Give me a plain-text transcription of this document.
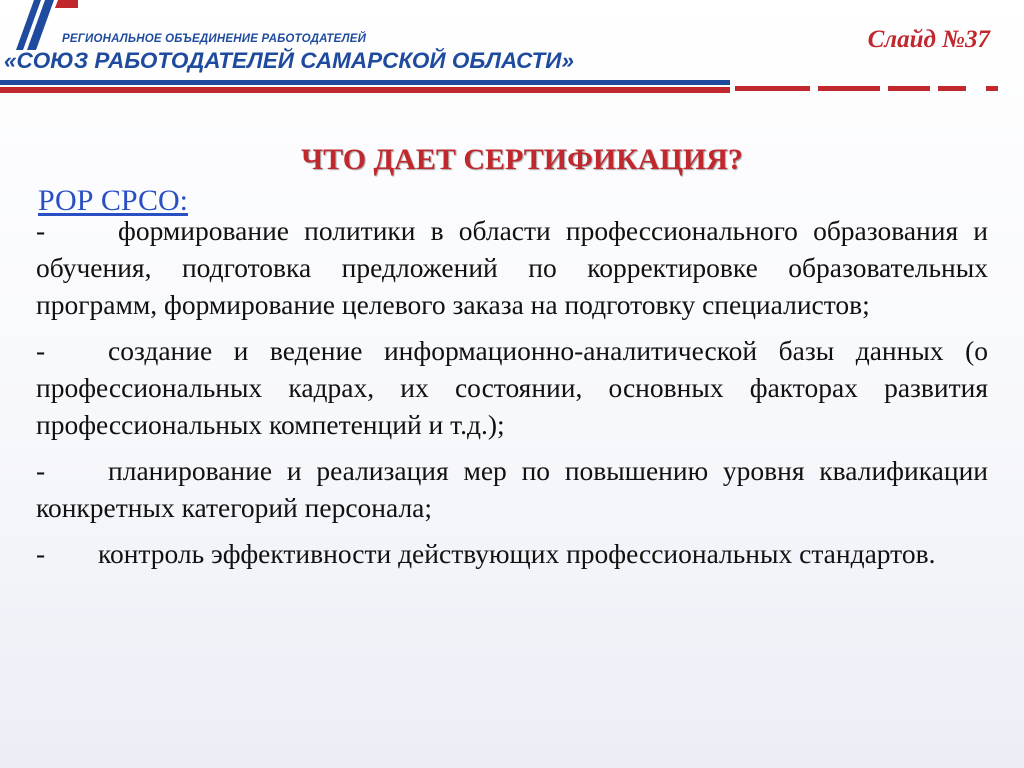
РЕГИОНАЛЬНОЕ ОБЪЕДИНЕНИЕ РАБОТОДАТЕЛЕЙ
«СОЮЗ РАБОТОДАТЕЛЕЙ САМАРСКОЙ ОБЛАСТИ»
Слайд №37
ЧТО ДАЕТ СЕРТИФИКАЦИЯ?
РОР СРСО:

-	формирование политики в области профессионального образования и обучения, подготовка предложений по корректировке образовательных программ, формирование целевого заказа на подготовку специалистов;

- создание и ведение информационно-аналитической базы данных (о профессиональных кадрах, их состоянии, основных факторах развития профессиональных компетенций и т.д.);

- планирование и реализация мер по повышению уровня квалификации конкретных категорий персонала;

- контроль эффективности действующих профессиональных стандартов.
